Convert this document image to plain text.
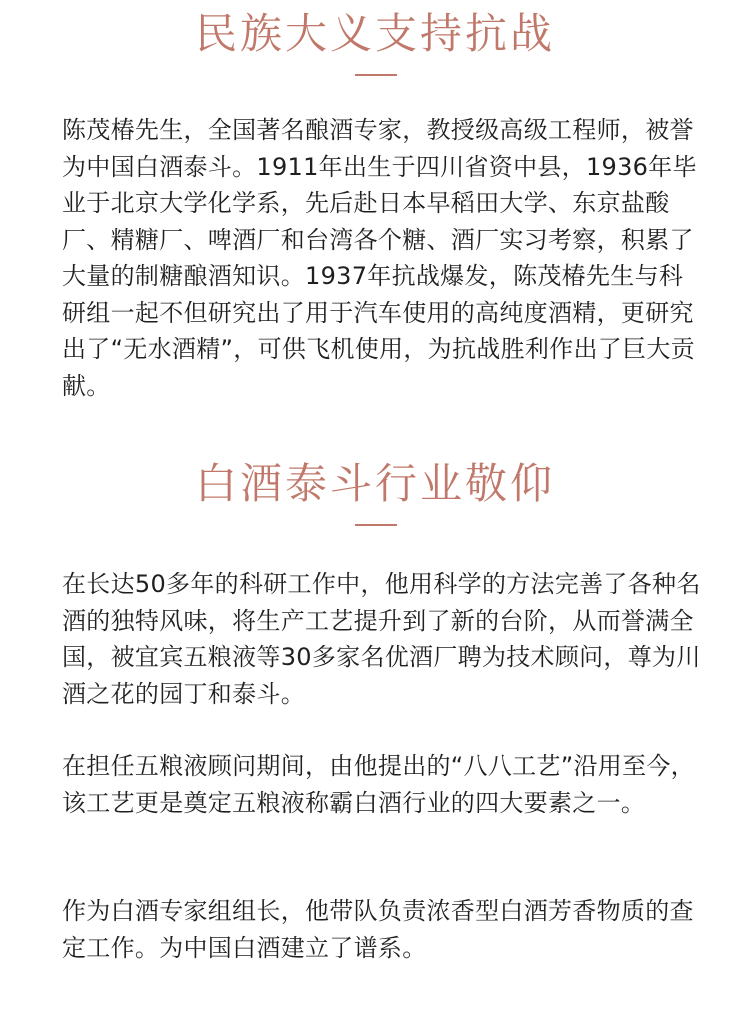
民族大义支持抗战

陈茂椿先生，全国著名酿酒专家，教授级高级工程师，被誉为中国白酒泰斗。1911年出生于四川省资中县，1936年毕业于北京大学化学系，先后赴日本早稻田大学、东京盐酸厂、精糖厂、啤酒厂和台湾各个糖、酒厂实习考察，积累了大量的制糖酿酒知识。1937年抗战爆发，陈茂椿先生与科研组一起不但研究出了用于汽车使用的高纯度酒精，更研究出了“无水酒精”，可供飞机使用，为抗战胜利作出了巨大贡献。

白酒泰斗行业敬仰

在长达50多年的科研工作中，他用科学的方法完善了各种名酒的独特风味，将生产工艺提升到了新的台阶，从而誉满全国，被宜宾五粮液等30多家名优酒厂聘为技术顾问，尊为川酒之花的园丁和泰斗。

在担任五粮液顾问期间，由他提出的“八八工艺”沿用至今，该工艺更是奠定五粮液称霸白酒行业的四大要素之一。

作为白酒专家组组长，他带队负责浓香型白酒芳香物质的查定工作。为中国白酒建立了谱系。
